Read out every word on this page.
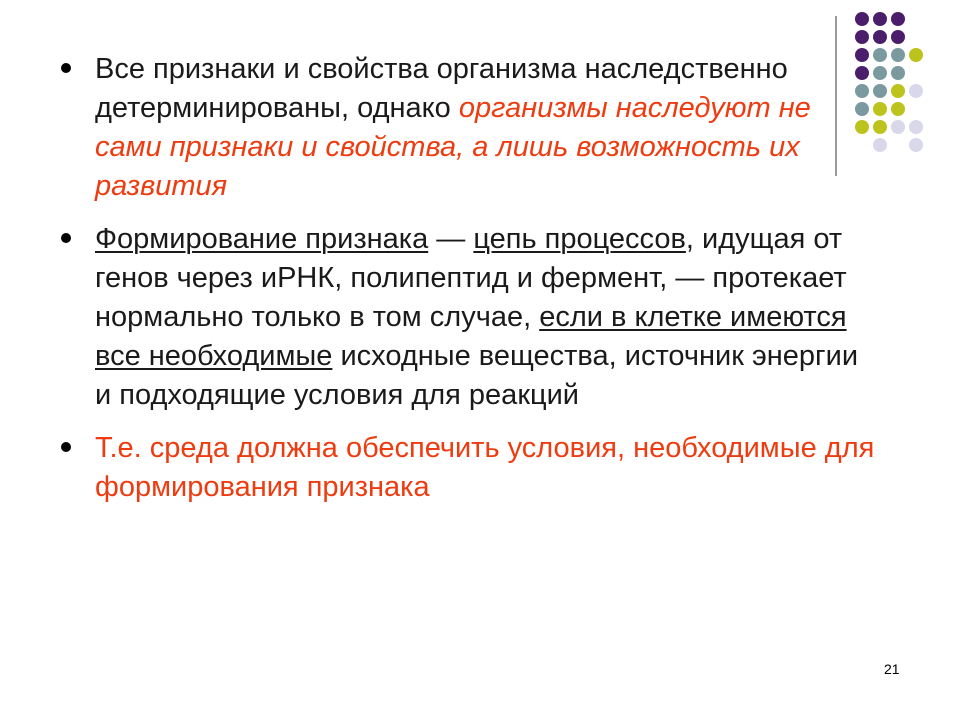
Все признаки и свойства организма наследственно детерминированы, однако организмы наследуют не сами признаки и свойства, а лишь возможность их развития
Формирование признака — цепь процессов, идущая от генов через иРНК, полипептид и фермент, — протекает нормально только в том случае, если в клетке имеются все необходимые исходные вещества, источник энергии и подходящие условия для реакций
Т.е. среда должна обеспечить условия, необходимые для формирования признака
21
